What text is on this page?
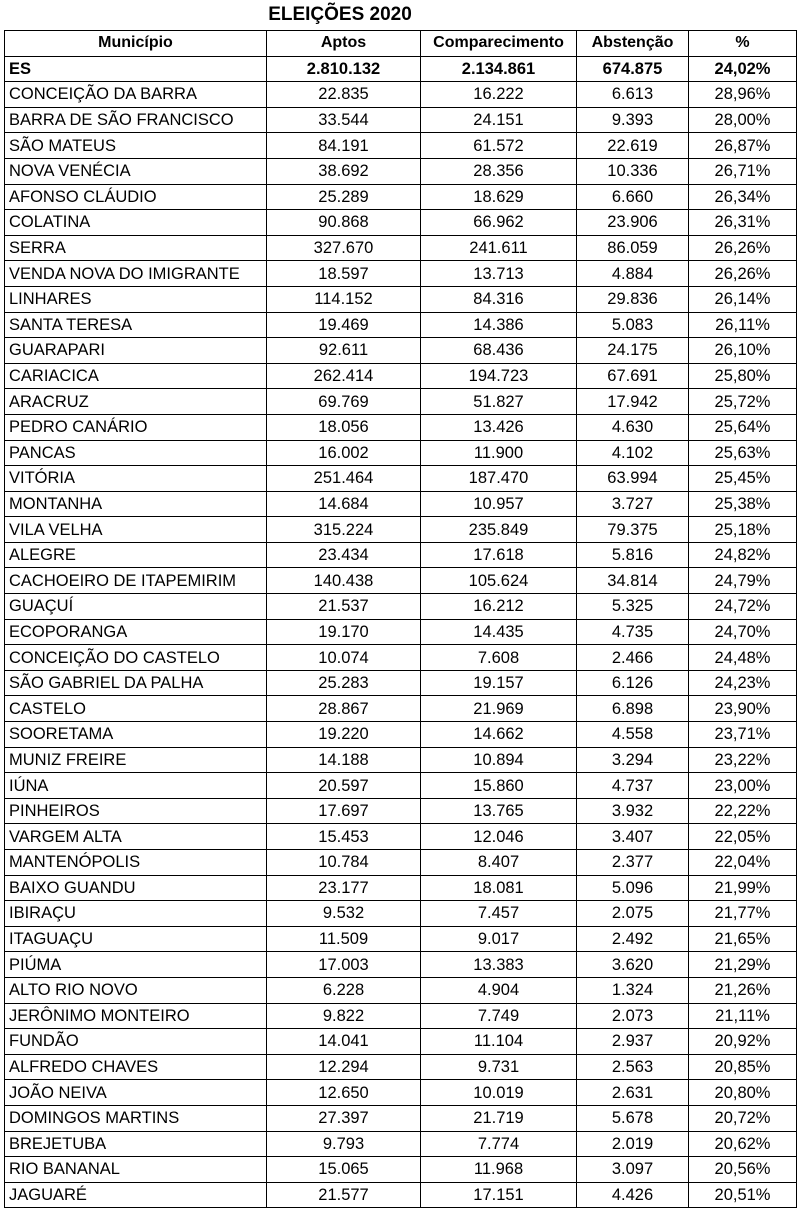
ELEIÇÕES 2020
Município	Aptos	Comparecimento	Abstenção	%
ES	2.810.132	2.134.861	674.875	24,02%
CONCEIÇÃO DA BARRA	22.835	16.222	6.613	28,96%
BARRA DE SÃO FRANCISCO	33.544	24.151	9.393	28,00%
SÃO MATEUS	84.191	61.572	22.619	26,87%
NOVA VENÉCIA	38.692	28.356	10.336	26,71%
AFONSO CLÁUDIO	25.289	18.629	6.660	26,34%
COLATINA	90.868	66.962	23.906	26,31%
SERRA	327.670	241.611	86.059	26,26%
VENDA NOVA DO IMIGRANTE	18.597	13.713	4.884	26,26%
LINHARES	114.152	84.316	29.836	26,14%
SANTA TERESA	19.469	14.386	5.083	26,11%
GUARAPARI	92.611	68.436	24.175	26,10%
CARIACICA	262.414	194.723	67.691	25,80%
ARACRUZ	69.769	51.827	17.942	25,72%
PEDRO CANÁRIO	18.056	13.426	4.630	25,64%
PANCAS	16.002	11.900	4.102	25,63%
VITÓRIA	251.464	187.470	63.994	25,45%
MONTANHA	14.684	10.957	3.727	25,38%
VILA VELHA	315.224	235.849	79.375	25,18%
ALEGRE	23.434	17.618	5.816	24,82%
CACHOEIRO DE ITAPEMIRIM	140.438	105.624	34.814	24,79%
GUAÇUÍ	21.537	16.212	5.325	24,72%
ECOPORANGA	19.170	14.435	4.735	24,70%
CONCEIÇÃO DO CASTELO	10.074	7.608	2.466	24,48%
SÃO GABRIEL DA PALHA	25.283	19.157	6.126	24,23%
CASTELO	28.867	21.969	6.898	23,90%
SOORETAMA	19.220	14.662	4.558	23,71%
MUNIZ FREIRE	14.188	10.894	3.294	23,22%
IÚNA	20.597	15.860	4.737	23,00%
PINHEIROS	17.697	13.765	3.932	22,22%
VARGEM ALTA	15.453	12.046	3.407	22,05%
MANTENÓPOLIS	10.784	8.407	2.377	22,04%
BAIXO GUANDU	23.177	18.081	5.096	21,99%
IBIRAÇU	9.532	7.457	2.075	21,77%
ITAGUAÇU	11.509	9.017	2.492	21,65%
PIÚMA	17.003	13.383	3.620	21,29%
ALTO RIO NOVO	6.228	4.904	1.324	21,26%
JERÔNIMO MONTEIRO	9.822	7.749	2.073	21,11%
FUNDÃO	14.041	11.104	2.937	20,92%
ALFREDO CHAVES	12.294	9.731	2.563	20,85%
JOÃO NEIVA	12.650	10.019	2.631	20,80%
DOMINGOS MARTINS	27.397	21.719	5.678	20,72%
BREJETUBA	9.793	7.774	2.019	20,62%
RIO BANANAL	15.065	11.968	3.097	20,56%
JAGUARÉ	21.577	17.151	4.426	20,51%
